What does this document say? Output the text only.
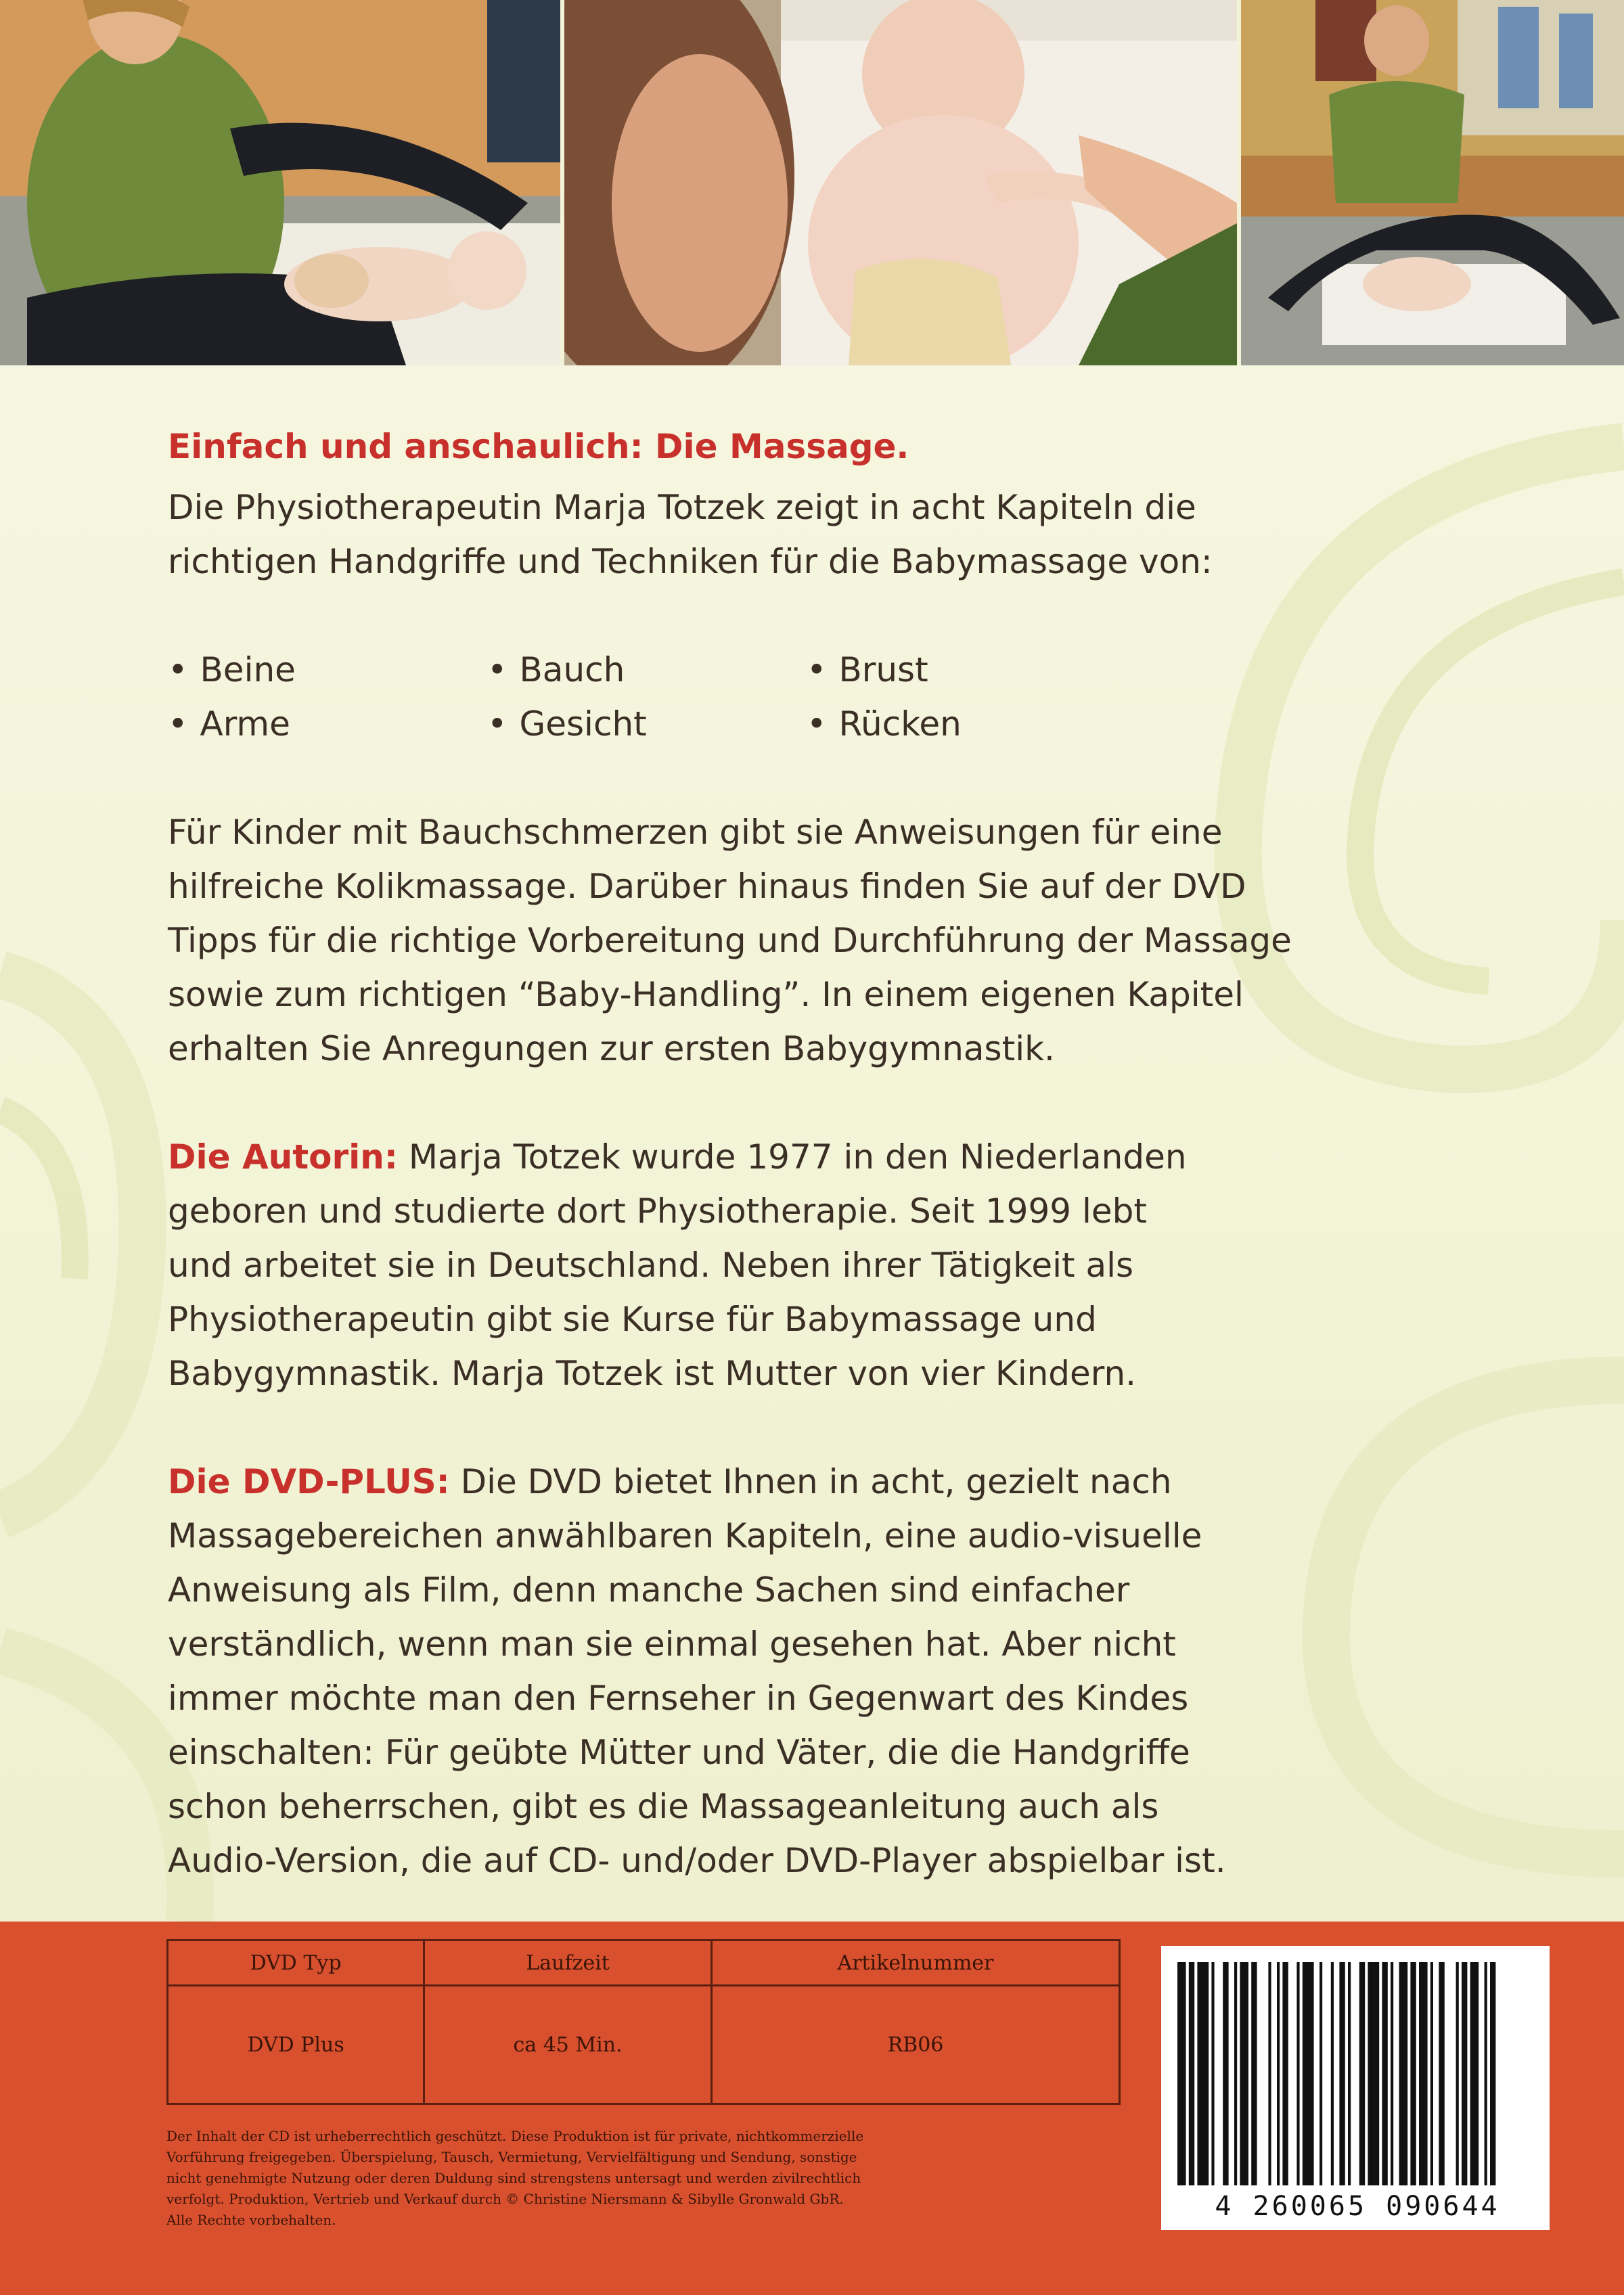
Einfach und anschaulich: Die Massage.

Die Physiotherapeutin Marja Totzek zeigt in acht Kapiteln die

richtigen Handgriffe und Techniken für die Babymassage von:

• Beine	• Bauch	• Brust
• Arme	• Gesicht	• Rücken

Für Kinder mit Bauchschmerzen gibt sie Anweisungen für eine

hilfreiche Kolikmassage. Darüber hinaus finden Sie auf der DVD

Tipps für die richtige Vorbereitung und Durchführung der Massage

sowie zum richtigen “Baby-Handling”. In einem eigenen Kapitel

erhalten Sie Anregungen zur ersten Babygymnastik.

Die Autorin: Marja Totzek wurde 1977 in den Niederlanden

geboren und studierte dort Physiotherapie. Seit 1999 lebt

und arbeitet sie in Deutschland. Neben ihrer Tätigkeit als

Physiotherapeutin gibt sie Kurse für Babymassage und

Babygymnastik. Marja Totzek ist Mutter von vier Kindern.

Die DVD-PLUS: Die DVD bietet Ihnen in acht, gezielt nach

Massagebereichen anwählbaren Kapiteln, eine audio-visuelle

Anweisung als Film, denn manche Sachen sind einfacher

verständlich, wenn man sie einmal gesehen hat. Aber nicht

immer möchte man den Fernseher in Gegenwart des Kindes

einschalten: Für geübte Mütter und Väter, die die Handgriffe

schon beherrschen, gibt es die Massageanleitung auch als

Audio-Version, die auf CD- und/oder DVD-Player abspielbar ist.

DVD Typ	Laufzeit	Artikelnummer
DVD Plus	ca 45 Min.	RB06

Der Inhalt der CD ist urheberrechtlich geschützt. Diese Produktion ist für private, nichtkommerzielle

Vorführung freigegeben. Überspielung, Tausch, Vermietung, Vervielfältigung und Sendung, sonstige

nicht genehmigte Nutzung oder deren Duldung sind strengstens untersagt und werden zivilrechtlich

verfolgt. Produktion, Vertrieb und Verkauf durch © Christine Niersmann & Sibylle Gronwald GbR.

Alle Rechte vorbehalten.	4 260065 090644
